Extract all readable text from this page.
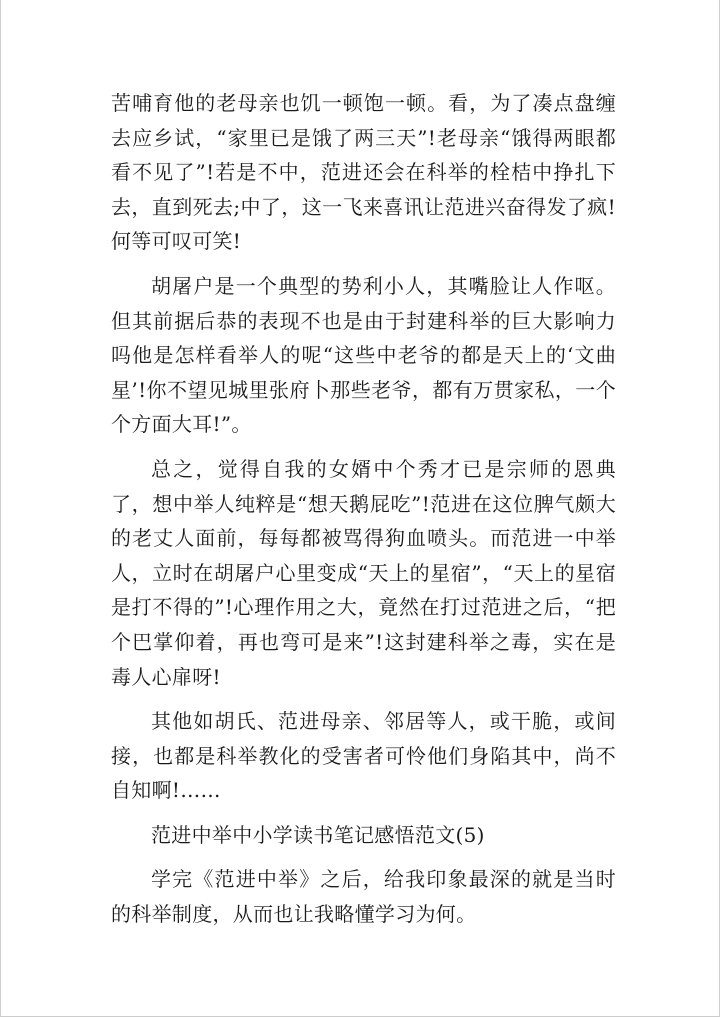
苦哺育他的老母亲也饥一顿饱一顿。看，为了凑点盘缠去应乡试，“家里已是饿了两三天”!老母亲“饿得两眼都看不见了”!若是不中，范进还会在科举的栓桔中挣扎下去，直到死去;中了，这一飞来喜讯让范进兴奋得发了疯!何等可叹可笑!

胡屠户是一个典型的势利小人，其嘴脸让人作呕。但其前据后恭的表现不也是由于封建科举的巨大影响力吗他是怎样看举人的呢“这些中老爷的都是天上的‘文曲星’!你不望见城里张府卜那些老爷，都有万贯家私，一个个方面大耳!”。

总之，觉得自我的女婿中个秀才已是宗师的恩典了，想中举人纯粹是“想天鹅屁吃”!范进在这位脾气颇大的老丈人面前，每每都被骂得狗血喷头。而范进一中举人，立时在胡屠户心里变成“天上的星宿”，“天上的星宿是打不得的”!心理作用之大，竟然在打过范进之后，“把个巴掌仰着，再也弯可是来”!这封建科举之毒，实在是毒人心扉呀!

其他如胡氏、范进母亲、邻居等人，或干脆，或间接，也都是科举教化的受害者可怜他们身陷其中，尚不自知啊!……

范进中举中小学读书笔记感悟范文(5)

学完《范进中举》之后，给我印象最深的就是当时的科举制度，从而也让我略懂学习为何。
